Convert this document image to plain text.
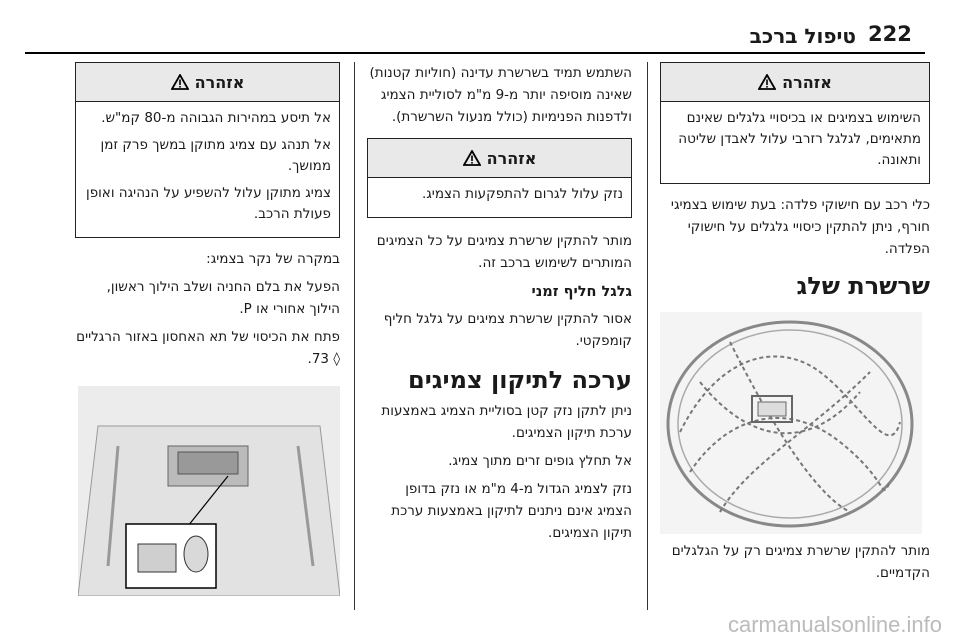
222
טיפול ברכב
אזהרה

השימוש בצמיגים או בכיסויי גלגלים שאינם מתאימים, לגלגל רזרבי עלול לאבדן שליטה ותאונה.

כלי רכב עם חישוקי פלדה: בעת שימוש בצמיגי חורף, ניתן להתקין כיסויי גלגלים על חישוקי הפלדה.

שרשרת שלג

מותר להתקין שרשרת צמיגים רק על הגלגלים הקדמיים.

השתמש תמיד בשרשרת עדינה (חוליות קטנות) שאינה מוסיפה יותר מ-9 מ"מ לסוליית הצמיג ולדפנות הפנימיות (כולל מנעול השרשרת).

אזהרה

נזק עלול לגרום להתפקעות הצמיג.

מותר להתקין שרשרת צמיגים על כל הצמיגים המותרים לשימוש ברכב זה.

גלגל חליף זמני

אסור להתקין שרשרת צמיגים על גלגל חליף קומפקטי.

ערכה לתיקון צמיגים

ניתן לתקן נזק קטן בסוליית הצמיג באמצעות ערכת תיקון הצמיגים.

אל תחלץ גופים זרים מתוך צמיג.

נזק לצמיג הגדול מ-4 מ"מ או נזק בדופן הצמיג אינם ניתנים לתיקון באמצעות ערכת תיקון הצמיגים.

אזהרה

אל תיסע במהירות הגבוהה מ-80 קמ"ש.

אל תנהג עם צמיג מתוקן במשך פרק זמן ממושך.

צמיג מתוקן עלול להשפיע על הנהיגה ואופן פעולת הרכב.

במקרה של נקר בצמיג:

הפעל את בלם החניה ושלב הילוך ראשון, הילוך אחורי או P.

פתח את הכיסוי של תא האחסון באזור הרגליים ◊ 73.

carmanualsonline.info
